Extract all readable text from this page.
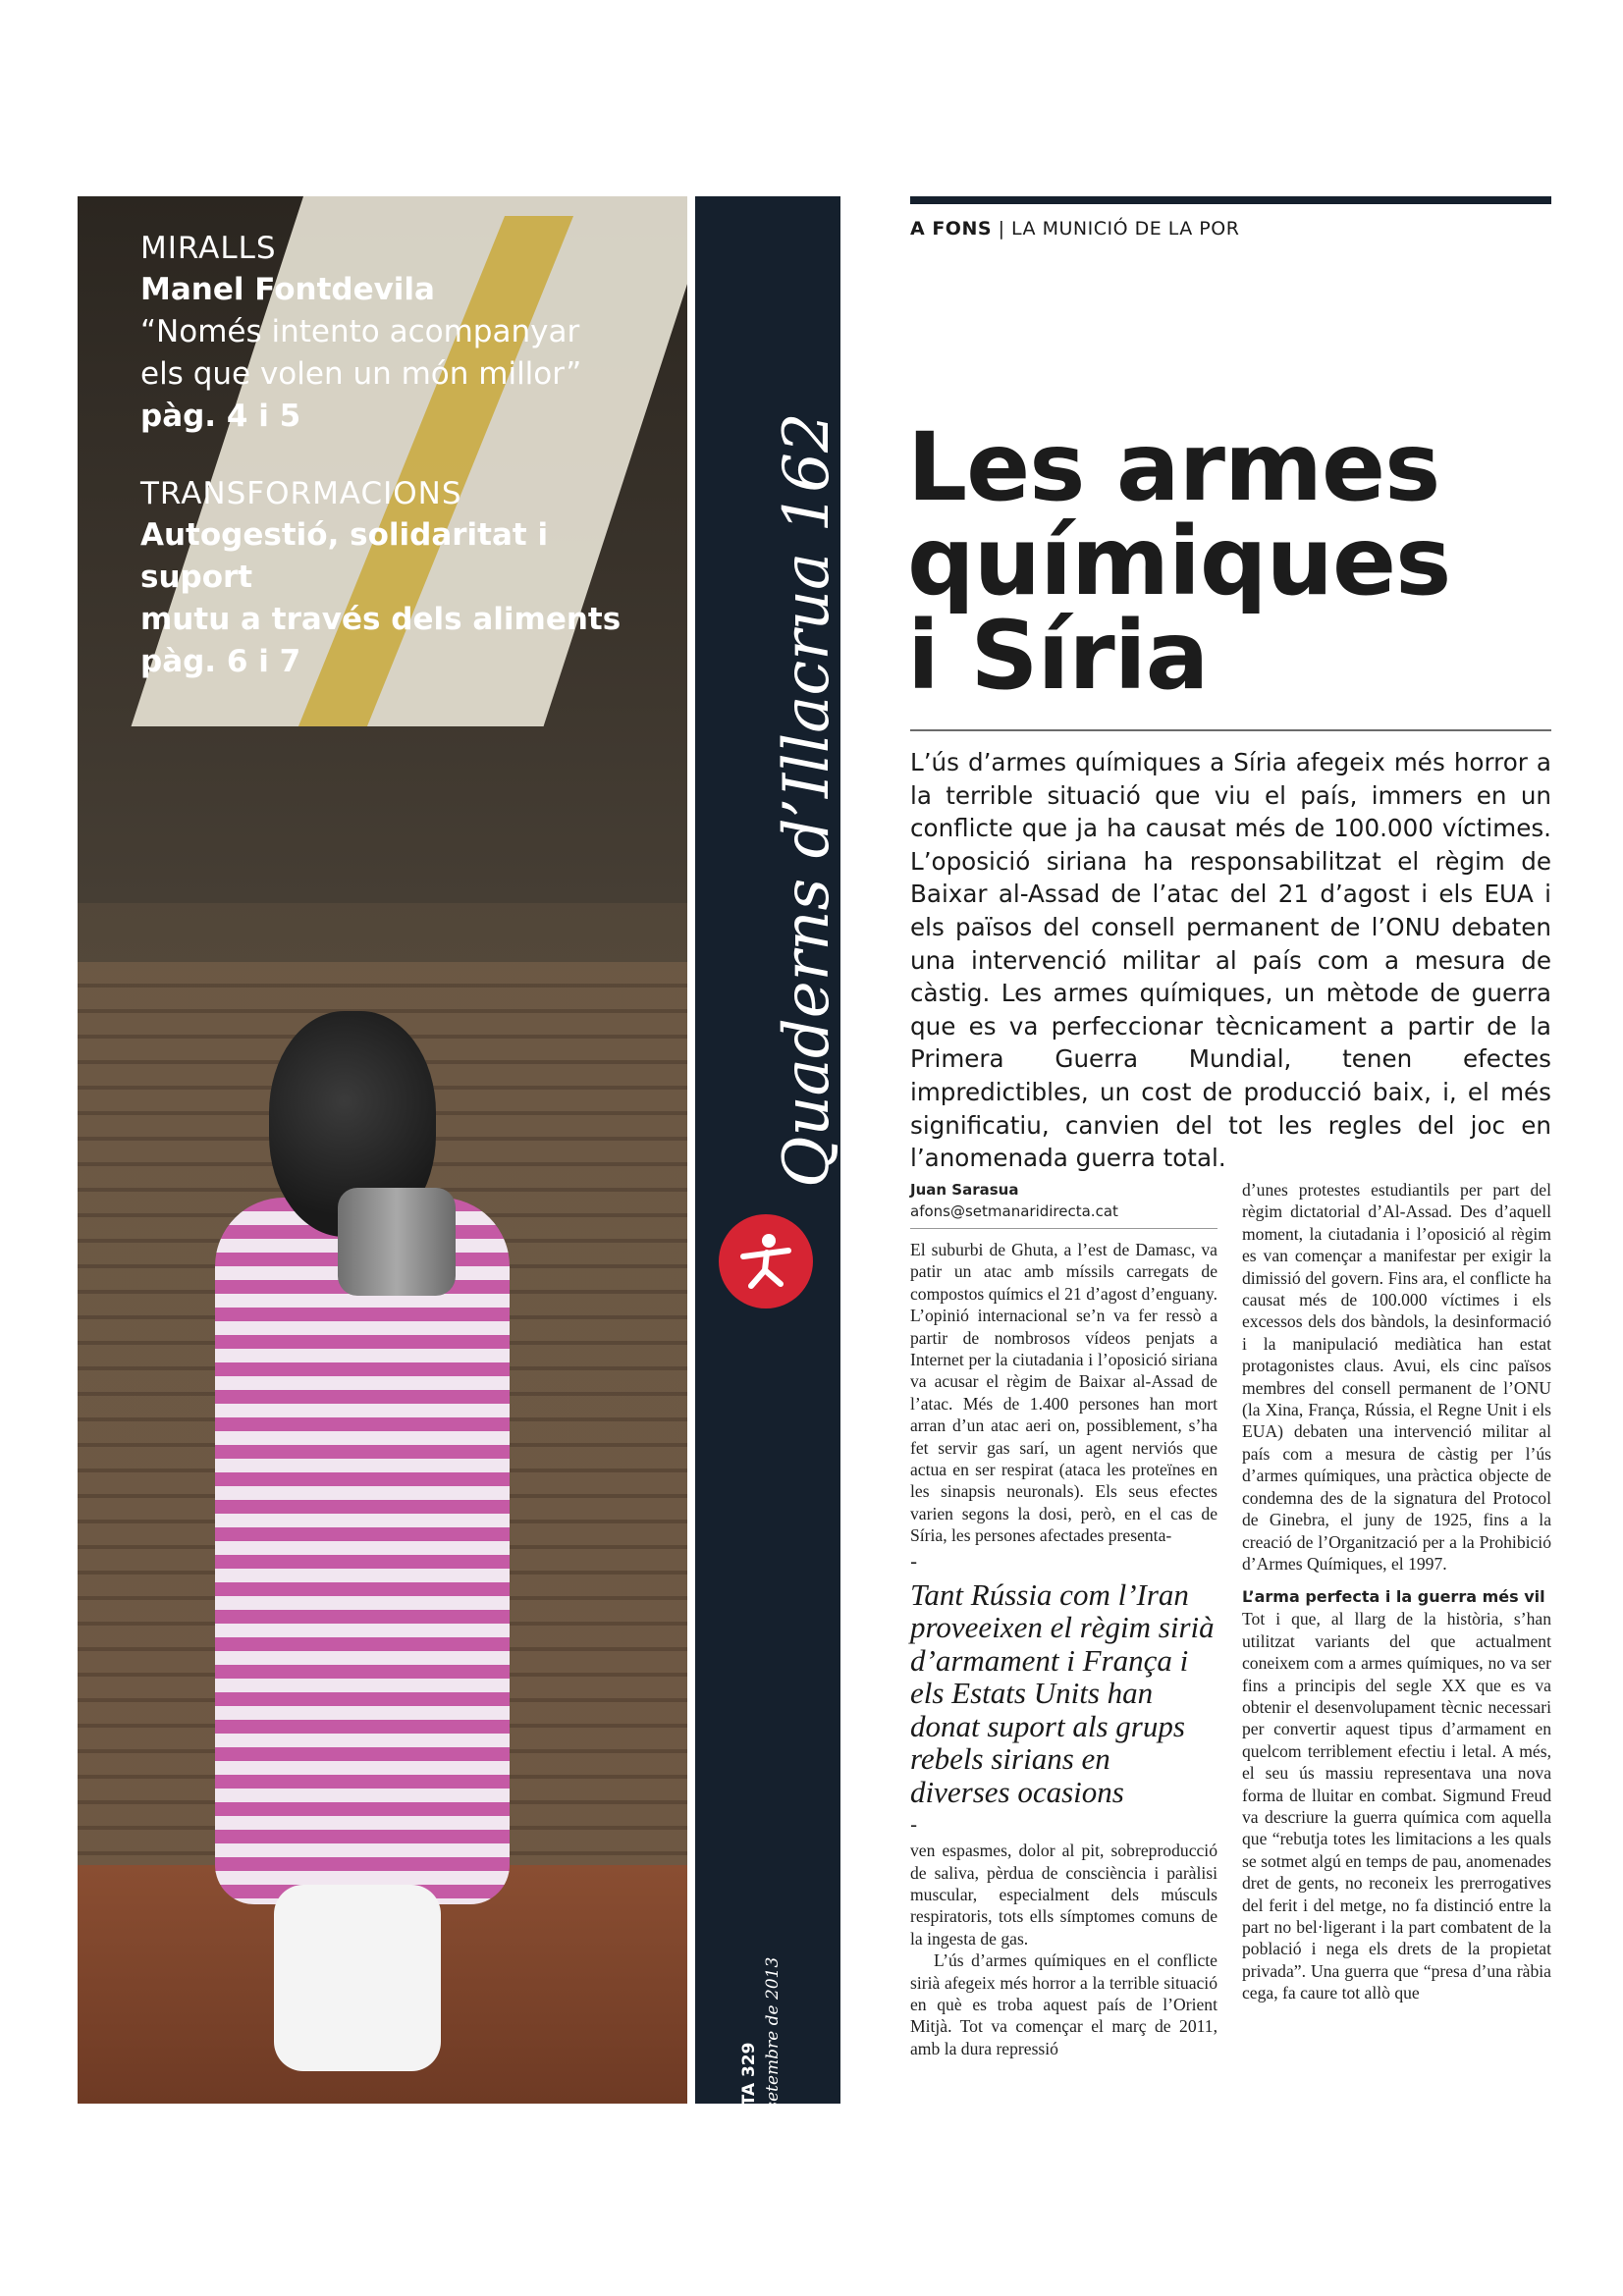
MIRALLS
Manel Fontdevila
“Només intento acompanyar
els que volen un món millor”
pàg. 4 i 5
TRANSFORMACIONS
Autogestió, solidaritat i suport
mutu a través dels aliments
pàg. 6 i 7	Quaderns d’Illacrua 162
DIRECTA 329 12 de setembre de 2013
FOTOGRAFIA:
Abir Sultan
A FONS | LA MUNICIÓ DE LA POR
Les armes
químiques
i Síria
L’ús d’armes químiques a Síria afegeix més horror a la terrible situació que viu el país, immers en un conflicte que ja ha causat més de 100.000 víctimes. L’oposició siriana ha responsabilitzat el règim de Baixar al-Assad de l’atac del 21 d’agost i els EUA i els països del consell permanent de l’ONU debaten una intervenció militar al país com a mesura de càstig. Les armes químiques, un mètode de guerra que es va perfeccionar tècnicament a partir de la Primera Guerra Mundial, tenen efectes impredictibles, un cost de producció baix, i, el més significatiu, canvien del tot les regles del joc en l’anomenada guerra total.
Juan Sarasua
afons@setmanaridirecta.cat

El suburbi de Ghuta, a l’est de Damasc, va patir un atac amb míssils carregats de compostos químics el 21 d’agost d’enguany. L’opinió internacional se’n va fer ressò a partir de nombrosos vídeos penjats a Internet per la ciutadania i l’oposició siriana va acusar el règim de Baixar al-Assad de l’atac. Més de 1.400 persones han mort arran d’un atac aeri on, possiblement, s’ha fet servir gas sarí, un agent nerviós que actua en ser respirat (ataca les proteïnes en les sinapsis neuronals). Els seus efectes varien segons la dosi, però, en el cas de Síria, les persones afectades presenta-

-
Tant Rússia com l’Iran proveeixen el règim sirià d’armament i França i els Estats Units han donat suport als grups rebels sirians en diverses ocasions
-

ven espasmes, dolor al pit, sobreproducció de saliva, pèrdua de consciència i paràlisi muscular, especialment dels músculs respiratoris, tots ells símptomes comuns de la ingesta de gas.

L’ús d’armes químiques en el conflicte sirià afegeix més horror a la terrible situació en què es troba aquest país de l’Orient Mitjà. Tot va començar el març de 2011, amb la dura repressió

d’unes protestes estudiantils per part del règim dictatorial d’Al-Assad. Des d’aquell moment, la ciutadania i l’oposició al règim es van començar a manifestar per exigir la dimissió del govern. Fins ara, el conflicte ha causat més de 100.000 víctimes i els excessos dels dos bàndols, la desinformació i la manipulació mediàtica han estat protagonistes claus. Avui, els cinc països membres del consell permanent de l’ONU (la Xina, França, Rússia, el Regne Unit i els EUA) debaten una intervenció militar al país com a mesura de càstig per l’ús d’armes químiques, una pràctica objecte de condemna des de la signatura del Protocol de Ginebra, el juny de 1925, fins a la creació de l’Organització per a la Prohibició d’Armes Químiques, el 1997.

L’arma perfecta i la guerra més vil

Tot i que, al llarg de la història, s’han utilitzat variants del que actualment coneixem com a armes químiques, no va ser fins a principis del segle XX que es va obtenir el desenvolupament tècnic necessari per convertir aquest tipus d’armament en quelcom terriblement efectiu i letal. A més, el seu ús massiu representava una nova forma de lluitar en combat. Sigmund Freud va descriure la guerra química com aquella que “rebutja totes les limitacions a les quals se sotmet algú en temps de pau, anomenades dret de gents, no reconeix les prerrogatives del ferit i del metge, no fa distinció entre la part no bel·ligerant i la part combatent de la població i nega els drets de la propietat privada”. Una guerra que “presa d’una ràbia cega, fa caure tot allò que
